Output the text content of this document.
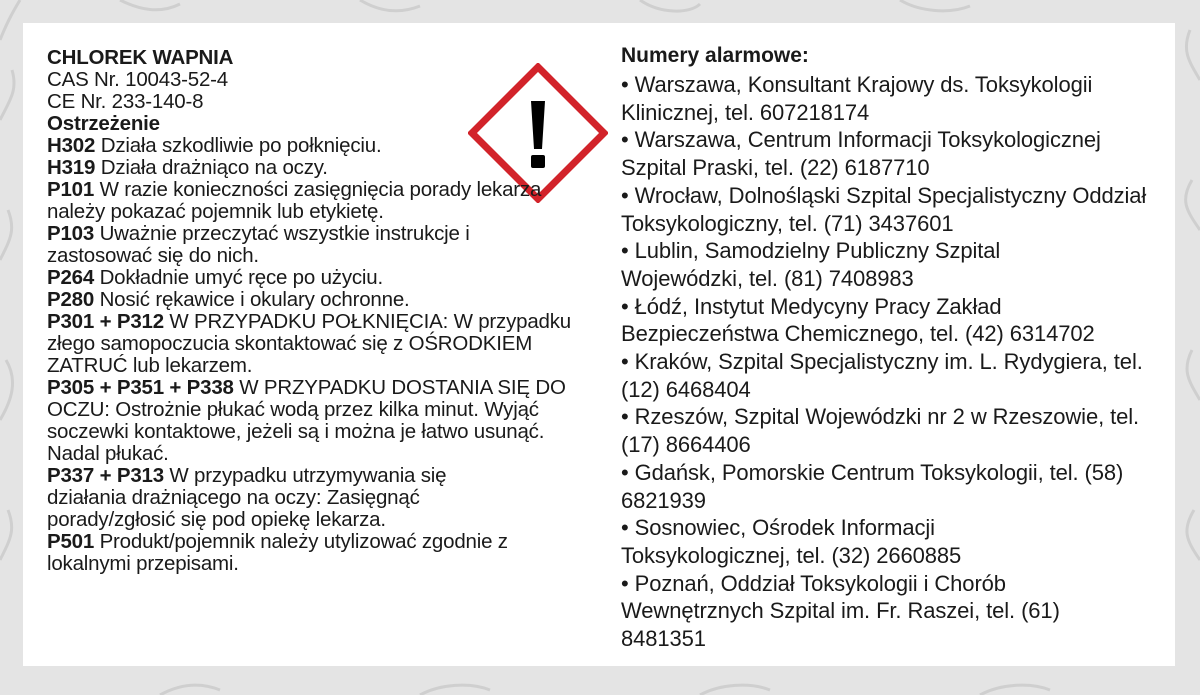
CHLOREK WAPNIA

CAS Nr. 10043-52-4

CE Nr. 233-140-8

Ostrzeżenie

H302 Działa szkodliwie po połknięciu.

H319 Działa drażniąco na oczy.

P101 W razie konieczności zasięgnięcia porady lekarza należy pokazać pojemnik lub etykietę.

P103 Uważnie przeczytać wszystkie instrukcje i zastosować się do nich.

P264 Dokładnie umyć ręce po użyciu.

P280 Nosić rękawice i okulary ochronne.

P301 + P312 W PRZYPADKU POŁKNIĘCIA: W przypadku złego samopoczucia skontaktować się z OŚRODKIEM ZATRUĆ lub lekarzem.

P305 + P351 + P338 W PRZYPADKU DOSTANIA SIĘ DO OCZU: Ostrożnie płukać wodą przez kilka minut. Wyjąć soczewki kontaktowe, jeżeli są i można je łatwo usunąć. Nadal płukać.

P337 + P313 W przypadku utrzymywania się działania drażniącego na oczy: Zasięgnąć porady/zgłosić się pod opiekę lekarza.

P501 Produkt/pojemnik należy utylizować zgodnie z lokalnymi przepisami.

Numery alarmowe:

• Warszawa, Konsultant Krajowy ds. Toksykologii Klinicznej, tel. 607218174

• Warszawa, Centrum Informacji Toksykologicznej Szpital Praski, tel. (22) 6187710

• Wrocław, Dolnośląski Szpital Specjalistyczny Oddział Toksykologiczny, tel. (71) 3437601

• Lublin, Samodzielny Publiczny Szpital Wojewódzki, tel. (81) 7408983

• Łódź, Instytut Medycyny Pracy Zakład Bezpieczeństwa Chemicznego, tel. (42) 6314702

• Kraków, Szpital Specjalistyczny im. L. Rydygiera, tel. (12) 6468404

• Rzeszów, Szpital Wojewódzki nr 2 w Rzeszowie, tel. (17) 8664406

• Gdańsk, Pomorskie Centrum Toksykologii, tel. (58) 6821939

• Sosnowiec, Ośrodek Informacji Toksykologicznej, tel. (32) 2660885

• Poznań, Oddział Toksykologii i Chorób Wewnętrznych Szpital im. Fr. Raszei, tel. (61) 8481351
